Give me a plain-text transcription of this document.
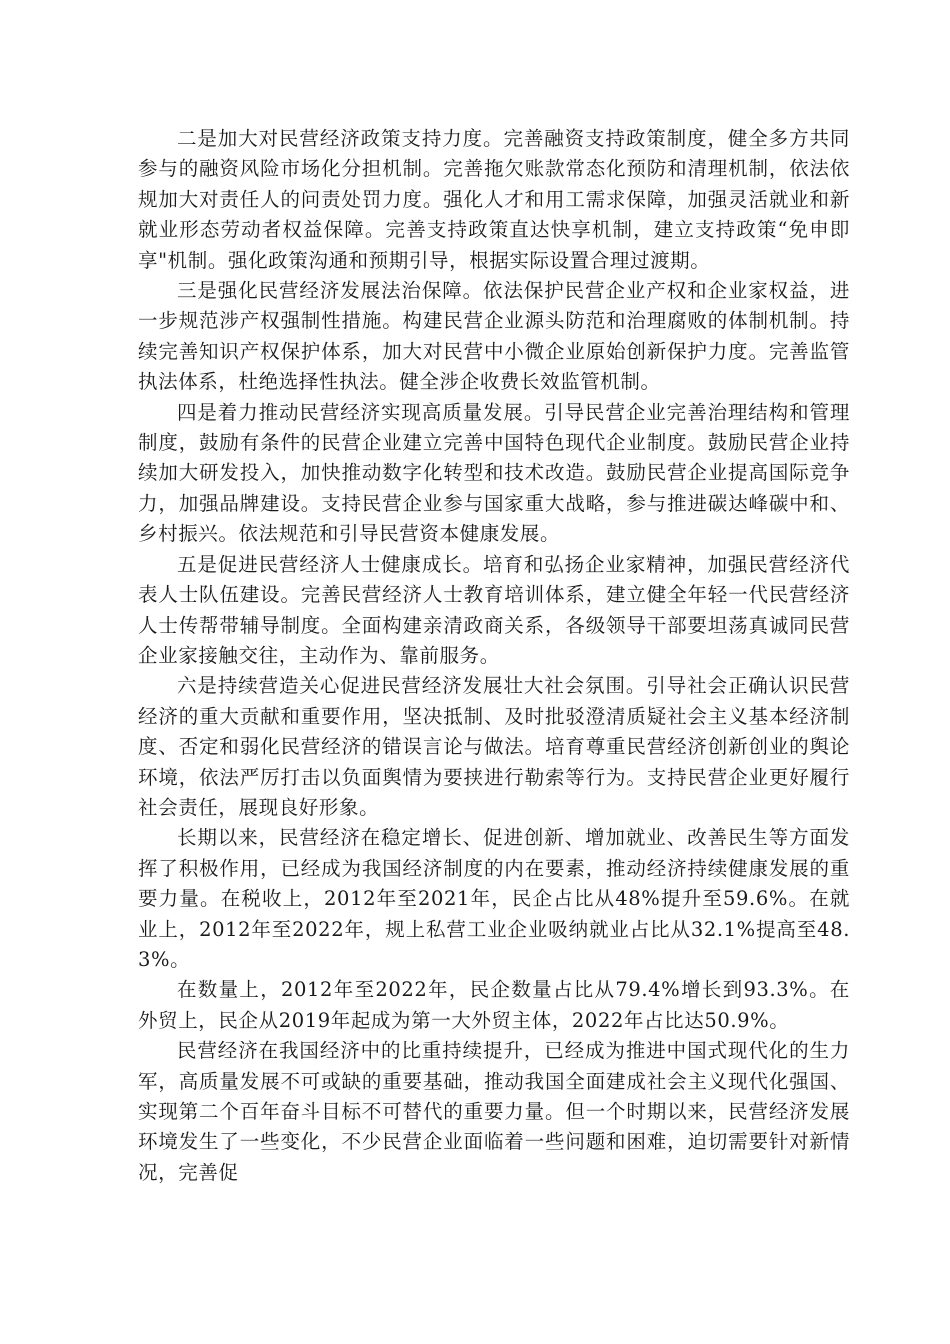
二是加大对民营经济政策支持力度。完善融资支持政策制度，健全多方共同参与的融资风险市场化分担机制。完善拖欠账款常态化预防和清理机制，依法依规加大对责任人的问责处罚力度。强化人才和用工需求保障，加强灵活就业和新就业形态劳动者权益保障。完善支持政策直达快享机制，建立支持政策“免申即享"机制。强化政策沟通和预期引导，根据实际设置合理过渡期。

三是强化民营经济发展法治保障。依法保护民营企业产权和企业家权益，进一步规范涉产权强制性措施。构建民营企业源头防范和治理腐败的体制机制。持续完善知识产权保护体系，加大对民营中小微企业原始创新保护力度。完善监管执法体系，杜绝选择性执法。健全涉企收费长效监管机制。

四是着力推动民营经济实现高质量发展。引导民营企业完善治理结构和管理制度，鼓励有条件的民营企业建立完善中国特色现代企业制度。鼓励民营企业持续加大研发投入，加快推动数字化转型和技术改造。鼓励民营企业提高国际竞争力，加强品牌建设。支持民营企业参与国家重大战略，参与推进碳达峰碳中和、乡村振兴。依法规范和引导民营资本健康发展。

五是促进民营经济人士健康成长。培育和弘扬企业家精神，加强民营经济代表人士队伍建设。完善民营经济人士教育培训体系，建立健全年轻一代民营经济人士传帮带辅导制度。全面构建亲清政商关系，各级领导干部要坦荡真诚同民营企业家接触交往，主动作为、靠前服务。

六是持续营造关心促进民营经济发展壮大社会氛围。引导社会正确认识民营经济的重大贡献和重要作用，坚决抵制、及时批驳澄清质疑社会主义基本经济制度、否定和弱化民营经济的错误言论与做法。培育尊重民营经济创新创业的舆论环境，依法严厉打击以负面舆情为要挟进行勒索等行为。支持民营企业更好履行社会责任，展现良好形象。

长期以来，民营经济在稳定增长、促进创新、增加就业、改善民生等方面发挥了积极作用，已经成为我国经济制度的内在要素，推动经济持续健康发展的重要力量。在税收上，2012年至2021年，民企占比从48%提升至59.6%。在就业上，2012年至2022年，规上私营工业企业吸纳就业占比从32.1%提高至48.3%。

在数量上，2012年至2022年，民企数量占比从79.4%增长到93.3%。在外贸上，民企从2019年起成为第一大外贸主体，2022年占比达50.9%。

民营经济在我国经济中的比重持续提升，已经成为推进中国式现代化的生力军，高质量发展不可或缺的重要基础，推动我国全面建成社会主义现代化强国、实现第二个百年奋斗目标不可替代的重要力量。但一个时期以来，民营经济发展环境发生了一些变化，不少民营企业面临着一些问题和困难，迫切需要针对新情况，完善促
